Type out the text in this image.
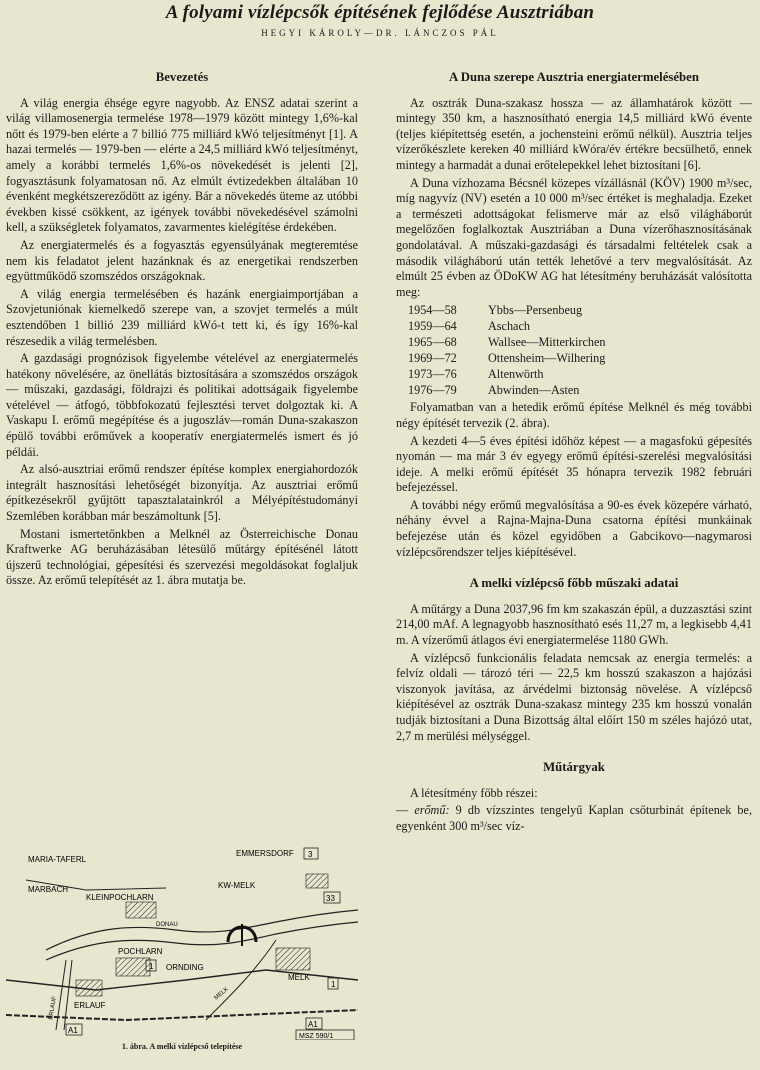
A folyami vízlépcsők építésének fejlődése Ausztriában
HEGYI KÁROLY—DR. LÁNCZOS PÁL
Bevezetés

A világ energia éhsége egyre nagyobb. Az ENSZ adatai szerint a világ villamosenergia termelése 1978—1979 között mintegy 1,6%-kal nőtt és 1979-ben elérte a 7 billió 775 milliárd kWó teljesítményt [1]. A hazai termelés — 1979-ben — elérte a 24,5 milliárd kWó teljesítményt, amely a korábbi termelés 1,6%-os növekedését is jelenti [2], fogyasztásunk folyamatosan nő. Az elmúlt évtizedekben általában 10 évenként megkétszereződött az igény. Bár a növekedés üteme az utóbbi években kissé csökkent, az igények további növekedésével számolni kell, a szükségletek folyamatos, zavarmentes kielégítése érdekében.

Az energiatermelés és a fogyasztás egyensúlyának megteremtése nem kis feladatot jelent hazánknak és az energetikai rendszerben együttműködő szomszédos országoknak.

A világ energia termelésében és hazánk energiaimportjában a Szovjetuniónak kiemelkedő szerepe van, a szovjet termelés a múlt esztendőben 1 billió 239 milliárd kWó-t tett ki, és így 16%-kal részesedik a világ termelésben.

A gazdasági prognózisok figyelembe vételével az energiatermelés hatékony növelésére, az önellátás biztosítására a szomszédos országok — műszaki, gazdasági, földrajzi és politikai adottságaik figyelembe vételével — átfogó, többfokozatú fejlesztési tervet dolgoztak ki. A Vaskapu I. erőmű megépítése és a jugoszláv—román Duna-szakaszon épülő további erőművek a kooperatív energiatermelés ismert és jó példái.

Az alsó-ausztriai erőmű rendszer építése komplex energiahordozók integrált hasznosítási lehetőségét bizonyítja. Az ausztriai erőmű építkezésekről gyűjtött tapasztalatainkról a Mélyépítéstudományi Szemlében korábban már beszámoltunk [5].

Mostani ismertetőnkben a Melknél az Österreichische Donau Kraftwerke AG beruházásában létesülő műtárgy építésénél látott újszerű technológiai, gépesítési és szervezési megoldásokat foglaljuk össze. Az erőmű telepítését az 1. ábra mutatja be.

MARIA-TAFERL
MARBACH
KLEINPOCHLARN
DONAU
POCHLARN
ORNDING
ERLAUF
ERLAUF
EMMERSDORF
KW-MELK
MELK
MELK
3
33
1
A1
A1
1
MSZ 590/1
1. ábra. A melki vízlépcső telepítése
A Duna szerepe Ausztria energiatermelésében

Az osztrák Duna-szakasz hossza — az államhatárok között — mintegy 350 km, a hasznosítható energia 14,5 milliárd kWó évente (teljes kiépítettség esetén, a jochensteini erőmű nélkül). Ausztria teljes vízerőkészlete kereken 40 milliárd kWóra/év értékre becsülhető, ennek mintegy a harmadát a dunai erőtelepekkel lehet biztosítani [6].

A Duna vízhozama Bécsnél közepes vízállásnál (KÖV) 1900 m³/sec, míg nagyvíz (NV) esetén a 10 000 m³/sec értéket is meghaladja. Ezeket a természeti adottságokat felismerve már az első világháborút megelőzően foglalkoztak Ausztriában a Duna vízerőhasznosításának gondolatával. A műszaki-gazdasági és társadalmi feltételek csak a második világháború után tették lehetővé a terv megvalósítását. Az elmúlt 25 évben az ÖDoKW AG hat létesítmény beruházását valósította meg:

1954—58	Ybbs—Persenbeug
1959—64	Aschach
1965—68	Wallsee—Mitterkirchen
1969—72	Ottensheim—Wilhering
1973—76	Altenwörth
1976—79	Abwinden—Asten

Folyamatban van a hetedik erőmű építése Melknél és még további négy építését tervezik (2. ábra).

A kezdeti 4—5 éves építési időhöz képest — a magasfokú gépesítés nyomán — ma már 3 év egyegy erőmű építési-szerelési megvalósítási ideje. A melki erőmű építését 35 hónapra tervezik 1982 februári befejezéssel.

A további négy erőmű megvalósítása a 90-es évek közepére várható, néhány évvel a Rajna-Majna-Duna csatorna építési munkáinak befejezése után és közel egyidőben a Gabcikovo—nagymarosi vízlépcsőrendszer teljes kiépítésével.

A melki vízlépcső főbb műszaki adatai

A műtárgy a Duna 2037,96 fm km szakaszán épül, a duzzasztási szint 214,00 mAf. A legnagyobb hasznosítható esés 11,27 m, a legkisebb 4,41 m. A vízerőmű átlagos évi energiatermelése 1180 GWh.

A vízlépcső funkcionális feladata nemcsak az energia termelés: a felvíz oldali — tározó téri — 22,5 km hosszú szakaszon a hajózási viszonyok javítása, az árvédelmi biztonság növelése. A vízlépcső kiépítésével az osztrák Duna-szakasz mintegy 235 km hosszú vonalán tudják biztosítani a Duna Bizottság által előírt 150 m széles hajózó utat, 2,7 m merülési mélységgel.

Műtárgyak

A létesítmény főbb részei:

— erőmű: 9 db vízszintes tengelyű Kaplan csőturbinát építenek be, egyenként 300 m³/sec víz-
